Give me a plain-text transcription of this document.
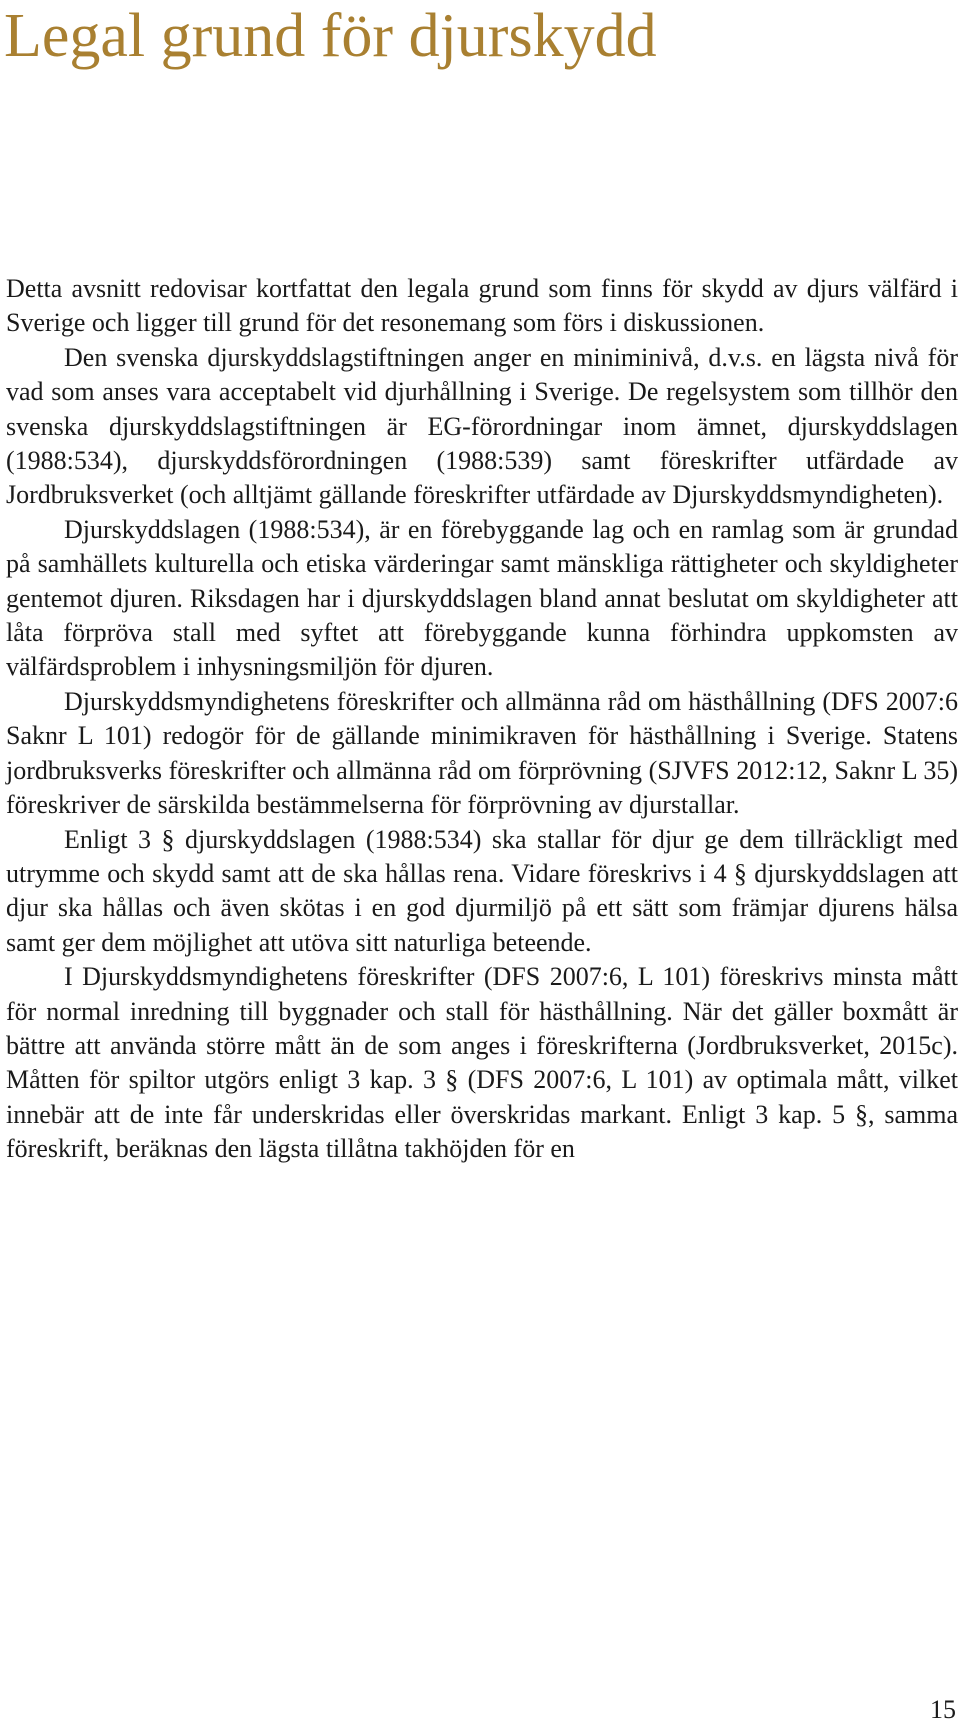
Legal grund för djurskydd

Detta avsnitt redovisar kortfattat den legala grund som finns för skydd av djurs välfärd i Sverige och ligger till grund för det resonemang som förs i diskussionen.

Den svenska djurskyddslagstiftningen anger en miniminivå, d.v.s. en lägsta nivå för vad som anses vara acceptabelt vid djurhållning i Sverige. De regelsystem som tillhör den svenska djurskyddslagstiftningen är EG-förordningar inom ämnet, djurskyddslagen (1988:534), djurskyddsförordningen (1988:539) samt föreskrifter utfärdade av Jordbruksverket (och alltjämt gällande föreskrifter utfärdade av Djurskyddsmyndigheten).

Djurskyddslagen (1988:534), är en förebyggande lag och en ramlag som är grundad på samhällets kulturella och etiska värderingar samt mänskliga rättigheter och skyldigheter gentemot djuren. Riksdagen har i djurskyddslagen bland annat beslutat om skyldigheter att låta förpröva stall med syftet att förebyggande kunna förhindra uppkomsten av välfärdsproblem i inhysningsmiljön för djuren.

Djurskyddsmyndighetens föreskrifter och allmänna råd om hästhållning (DFS 2007:6 Saknr L 101) redogör för de gällande minimikraven för hästhållning i Sverige. Statens jordbruksverks föreskrifter och allmänna råd om förprövning (SJVFS 2012:12, Saknr L 35) föreskriver de särskilda bestämmelserna för förprövning av djurstallar.

Enligt 3 § djurskyddslagen (1988:534) ska stallar för djur ge dem tillräckligt med utrymme och skydd samt att de ska hållas rena. Vidare föreskrivs i 4 § djurskyddslagen att djur ska hållas och även skötas i en god djurmiljö på ett sätt som främjar djurens hälsa samt ger dem möjlighet att utöva sitt naturliga beteende.

I Djurskyddsmyndighetens föreskrifter (DFS 2007:6, L 101) föreskrivs minsta mått för normal inredning till byggnader och stall för hästhållning. När det gäller boxmått är bättre att använda större mått än de som anges i föreskrifterna (Jordbruksverket, 2015c). Måtten för spiltor utgörs enligt 3 kap. 3 § (DFS 2007:6, L 101) av optimala mått, vilket innebär att de inte får underskridas eller överskridas markant. Enligt 3 kap. 5 §, samma föreskrift, beräknas den lägsta tillåtna takhöjden för en

15
